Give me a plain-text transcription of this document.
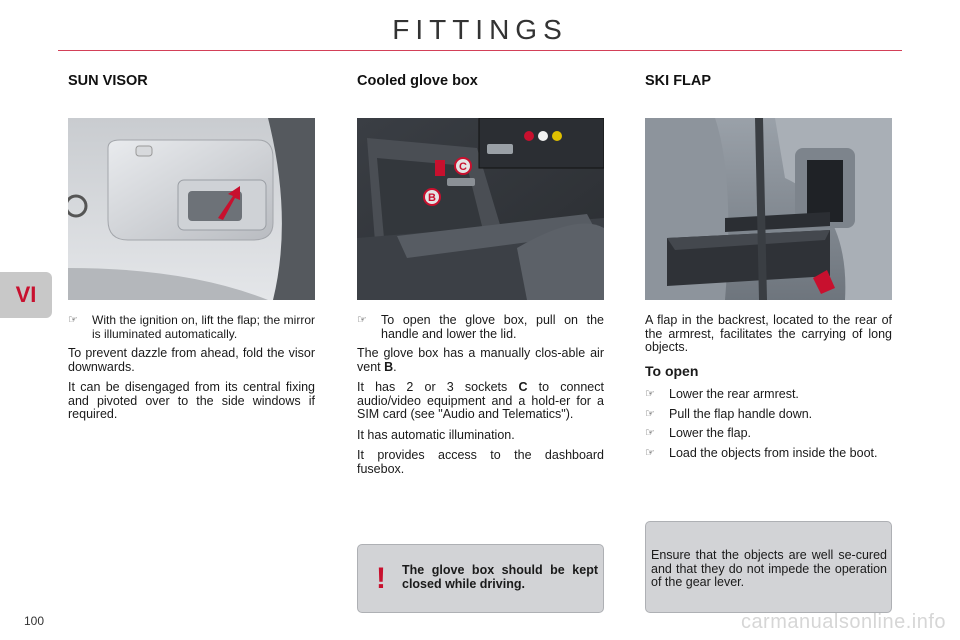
FITTINGS
VI
SUN VISOR
☞	With the ignition on, lift the flap; the mirror is illuminated automatically.

To prevent dazzle from ahead, fold the visor downwards.

It can be disengaged from its central fixing and pivoted over to the side windows if required.

Cooled glove box
C
B
☞	To open the glove box, pull on the handle and lower the lid.

The glove box has a manually clos-able air vent B.

It has 2 or 3 sockets C to connect audio/video equipment and a hold-er for a SIM card (see "Audio and Telematics").

It has automatic illumination.

It provides access to the dashboard fusebox.

!	The glove box should be kept closed while driving.
SKI FLAP

A flap in the backrest, located to the rear of the armrest, facilitates the carrying of long objects.

To open
☞	Lower the rear armrest.
☞	Pull the flap handle down.
☞	Lower the flap.
☞	Load the objects from inside the boot.
Ensure that the objects are well se-cured and that they do not impede the operation of the gear lever.
100	carmanualsonline.info
